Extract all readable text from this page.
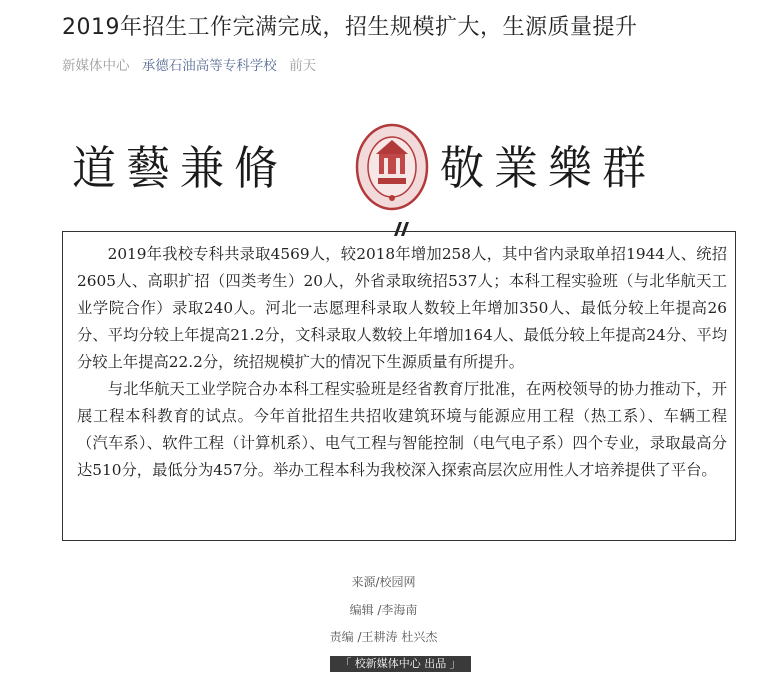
2019年招生工作完满完成，招生规模扩大，生源质量提升
新媒体中心 承德石油高等专科学校 前天
道藝兼脩	敬業樂群

2019年我校专科共录取4569人，较2018年增加258人，其中省内录取单招1944人、统招2605人、高职扩招（四类考生）20人，外省录取统招537人；本科工程实验班（与北华航天工业学院合作）录取240人。河北一志愿理科录取人数较上年增加350人、最低分较上年提高26分、平均分较上年提高21.2分，文科录取人数较上年增加164人、最低分较上年提高24分、平均分较上年提高22.2分，统招规模扩大的情况下生源质量有所提升。

与北华航天工业学院合办本科工程实验班是经省教育厅批准，在两校领导的协力推动下，开展工程本科教育的试点。今年首批招生共招收建筑环境与能源应用工程（热工系）、车辆工程（汽车系）、软件工程（计算机系）、电气工程与智能控制（电气电子系）四个专业，录取最高分达510分，最低分为457分。举办工程本科为我校深入探索高层次应用性人才培养提供了平台。

来源/校园网
编辑 /李海南
责编 /王耕涛 杜兴杰
「 校新媒体中心 出品 」
